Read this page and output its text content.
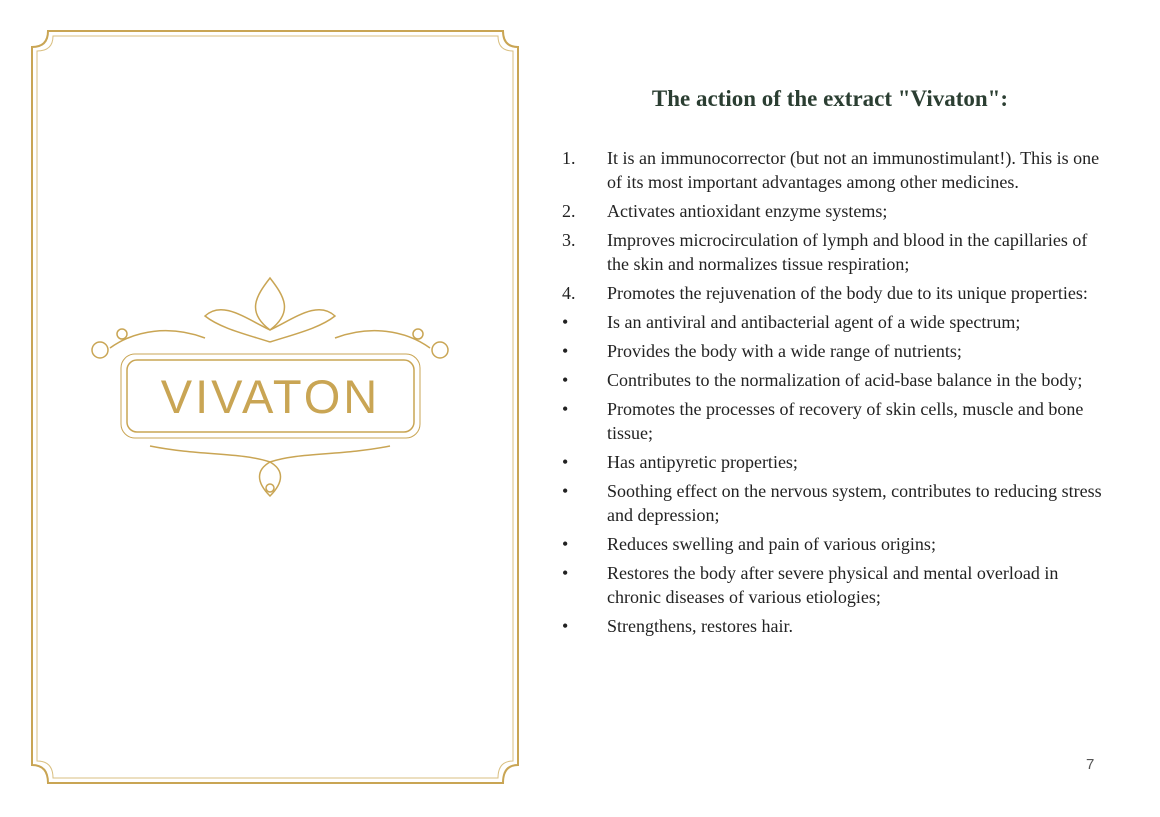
VIVATON
The action of the extract "Vivaton":
1.	It is an immunocorrector (but not an immunostimulant!). This is one of its most important advantages among other medicines.
2.	Activates antioxidant enzyme systems;
3.	Improves microcirculation of lymph and blood in the capillaries of the skin and normalizes tissue respiration;
4.	Promotes the rejuvenation of the body due to its unique properties:
•	Is an antiviral and antibacterial agent of a wide spectrum;
•	Provides the body with a wide range of nutrients;
•	Contributes to the normalization of acid-base balance in the body;
•	Promotes the processes of recovery of skin cells, muscle and bone tissue;
•	Has antipyretic properties;
•	Soothing effect on the nervous system, contributes to reducing stress and depression;
•	Reduces swelling and pain of various origins;
•	Restores the body after severe physical and mental overload in chronic diseases of various etiologies;
•	Strengthens, restores hair.
7
